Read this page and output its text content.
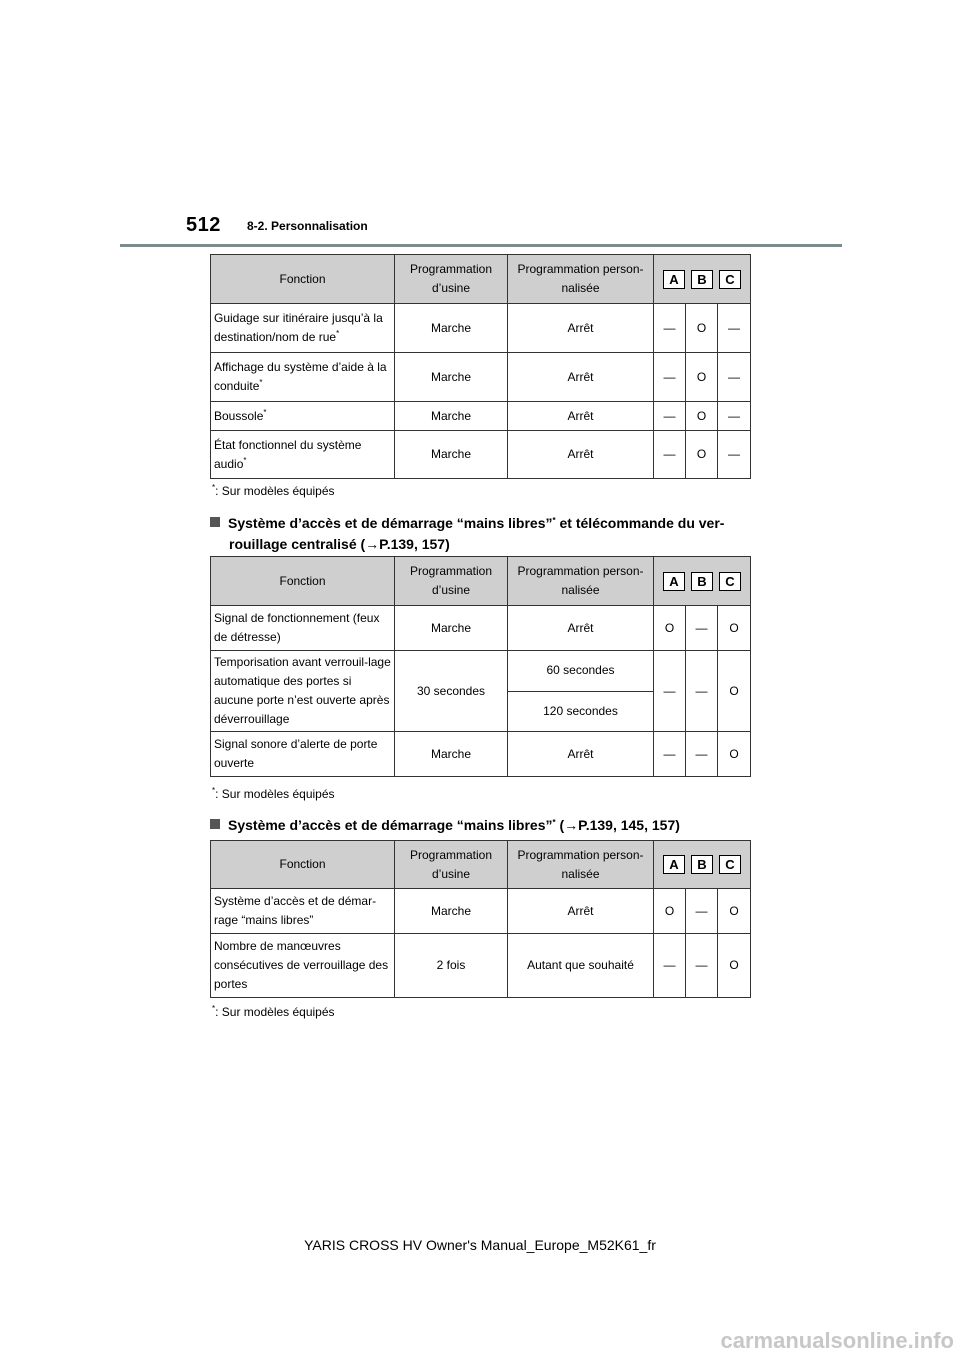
512 8-2. Personnalisation
Fonction	Programmation d’usine	Programmation person-nalisée	A B C		

Guidage sur itinéraire jusqu’à la destination/nom de rue*	Marche	Arrêt	—	O	—
Affichage du système d’aide à la conduite*	Marche	Arrêt	—	O	—
Boussole*	Marche	Arrêt	—	O	—
État fonctionnel du système audio*	Marche	Arrêt	—	O	—
*: Sur modèles équipés
Système d’accès et de démarrage “mains libres”* et télécommande du ver-
rouillage centralisé (→P.139, 157)
Fonction	Programmation d’usine	Programmation person-nalisée	A B C		

Signal de fonctionnement (feux de détresse)	Marche	Arrêt	O	—	O
Temporisation avant verrouil-lage automatique des portes si aucune porte n’est ouverte après déverrouillage	30 secondes	60 secondes	—	—	O
		120 secondes			
Signal sonore d’alerte de porte ouverte	Marche	Arrêt	—	—	O
*: Sur modèles équipés
Système d’accès et de démarrage “mains libres”* (→P.139, 145, 157)
Fonction	Programmation d’usine	Programmation person-nalisée	A B C		

Système d’accès et de démar-rage “mains libres”	Marche	Arrêt	O	—	O
Nombre de manœuvres consécutives de verrouillage des portes	2 fois	Autant que souhaité	—	—	O
*: Sur modèles équipés
YARIS CROSS HV Owner's Manual_Europe_M52K61_fr
carmanualsonline.info
